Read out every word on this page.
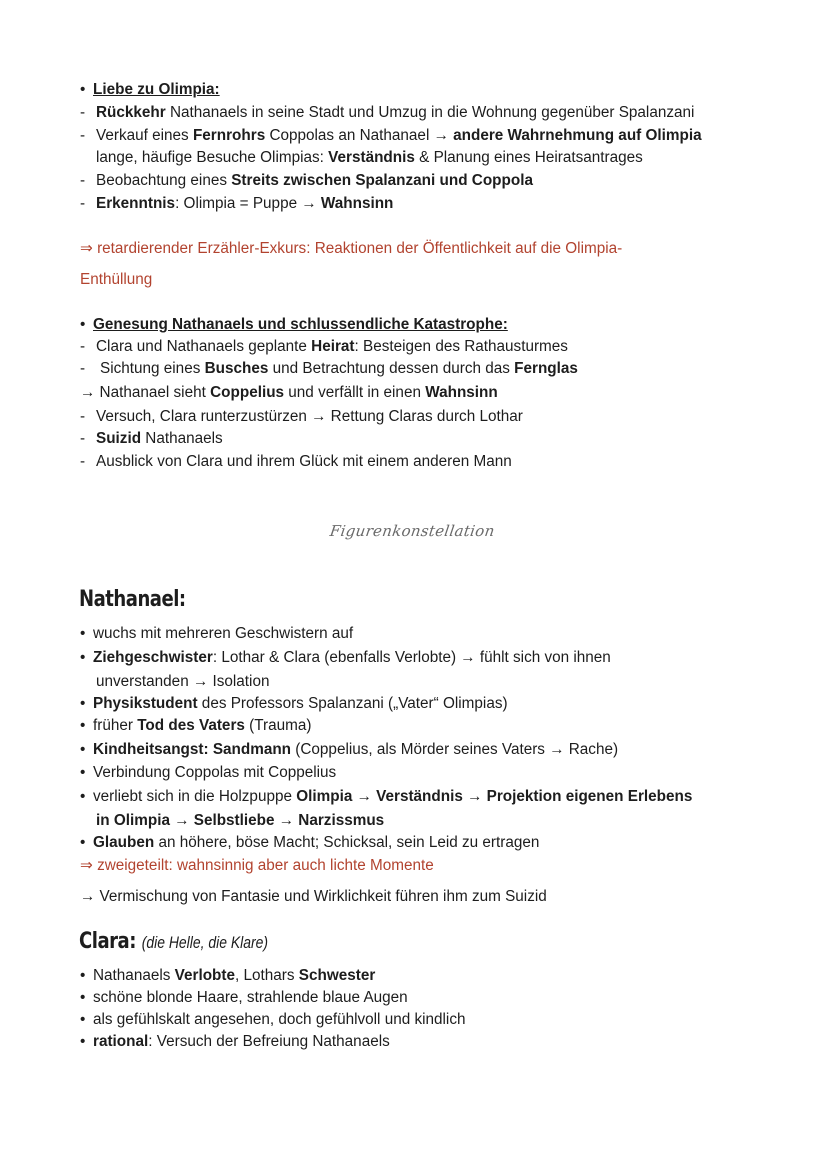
• Liebe zu Olimpia:
- Rückkehr Nathanaels in seine Stadt und Umzug in die Wohnung gegenüber Spalanzani
- Verkauf eines Fernrohrs Coppolas an Nathanael → andere Wahrnehmung auf Olimpia
lange, häufige Besuche Olimpias: Verständnis & Planung eines Heiratsantrages
- Beobachtung eines Streits zwischen Spalanzani und Coppola
- Erkenntnis: Olimpia = Puppe → Wahnsinn
⇒ retardierender Erzähler-Exkurs: Reaktionen der Öffentlichkeit auf die Olimpia-
Enthüllung
• Genesung Nathanaels und schlussendliche Katastrophe:
- Clara und Nathanaels geplante Heirat: Besteigen des Rathausturmes
- Sichtung eines Busches und Betrachtung dessen durch das Fernglas
→ Nathanael sieht Coppelius und verfällt in einen Wahnsinn
- Versuch, Clara runterzustürzen → Rettung Claras durch Lothar
- Suizid Nathanaels
- Ausblick von Clara und ihrem Glück mit einem anderen Mann
Figurenkonstellation
Nathanael:
• wuchs mit mehreren Geschwistern auf
• Ziehgeschwister: Lothar & Clara (ebenfalls Verlobte) → fühlt sich von ihnen
unverstanden → Isolation
• Physikstudent des Professors Spalanzani („Vater“ Olimpias)
• früher Tod des Vaters (Trauma)
• Kindheitsangst: Sandmann (Coppelius, als Mörder seines Vaters → Rache)
• Verbindung Coppolas mit Coppelius
• verliebt sich in die Holzpuppe Olimpia → Verständnis → Projektion eigenen Erlebens
in Olimpia → Selbstliebe → Narzissmus
• Glauben an höhere, böse Macht; Schicksal, sein Leid zu ertragen
⇒ zweigeteilt: wahnsinnig aber auch lichte Momente
→ Vermischung von Fantasie und Wirklichkeit führen ihm zum Suizid
Clara: (die Helle, die Klare)
• Nathanaels Verlobte, Lothars Schwester
• schöne blonde Haare, strahlende blaue Augen
• als gefühlskalt angesehen, doch gefühlvoll und kindlich
• rational: Versuch der Befreiung Nathanaels
